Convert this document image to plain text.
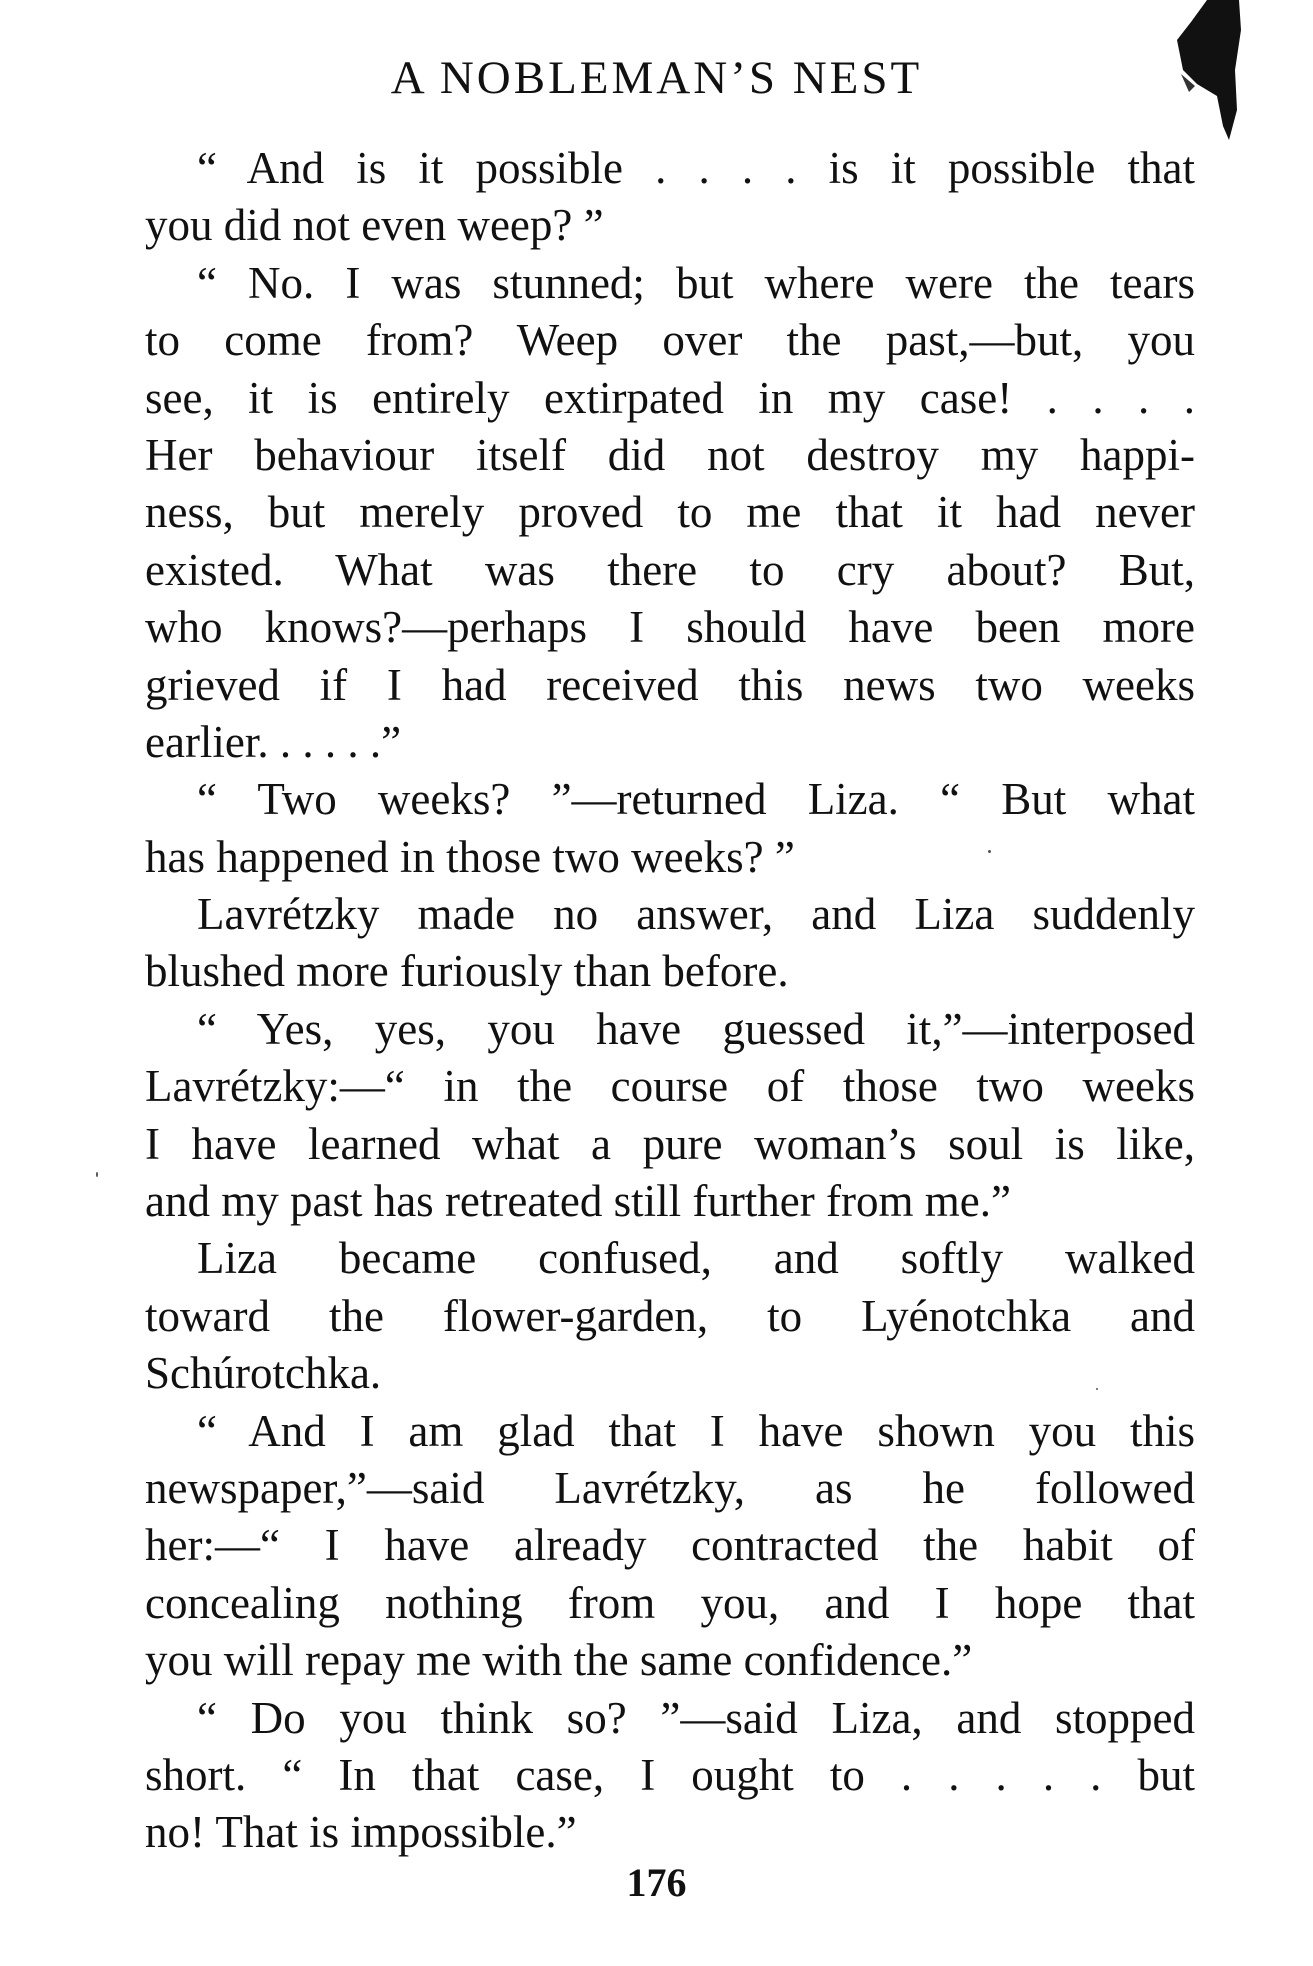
A NOBLEMAN’S NEST
“ And is it possible . . . . is it possible that
you did not even weep? ”
“ No. I was stunned; but where were the tears
to come from? Weep over the past,—but, you
see, it is entirely extirpated in my case! . . . .
Her behaviour itself did not destroy my happi-
ness, but merely proved to me that it had never
existed. What was there to cry about? But,
who knows?—perhaps I should have been more
grieved if I had received this news two weeks
earlier. . . . . .”
“ Two weeks? ”—returned Liza. “ But what
has happened in those two weeks? ”
Lavrétzky made no answer, and Liza suddenly
blushed more furiously than before.
“ Yes, yes, you have guessed it,”—interposed
Lavrétzky:—“ in the course of those two weeks
I have learned what a pure woman’s soul is like,
and my past has retreated still further from me.”
Liza became confused, and softly walked
toward the flower-garden, to Lyénotchka and
Schúrotchka.
“ And I am glad that I have shown you this
newspaper,”—said Lavrétzky, as he followed
her:—“ I have already contracted the habit of
concealing nothing from you, and I hope that
you will repay me with the same confidence.”
“ Do you think so? ”—said Liza, and stopped
short. “ In that case, I ought to . . . . . but
no! That is impossible.”
176
